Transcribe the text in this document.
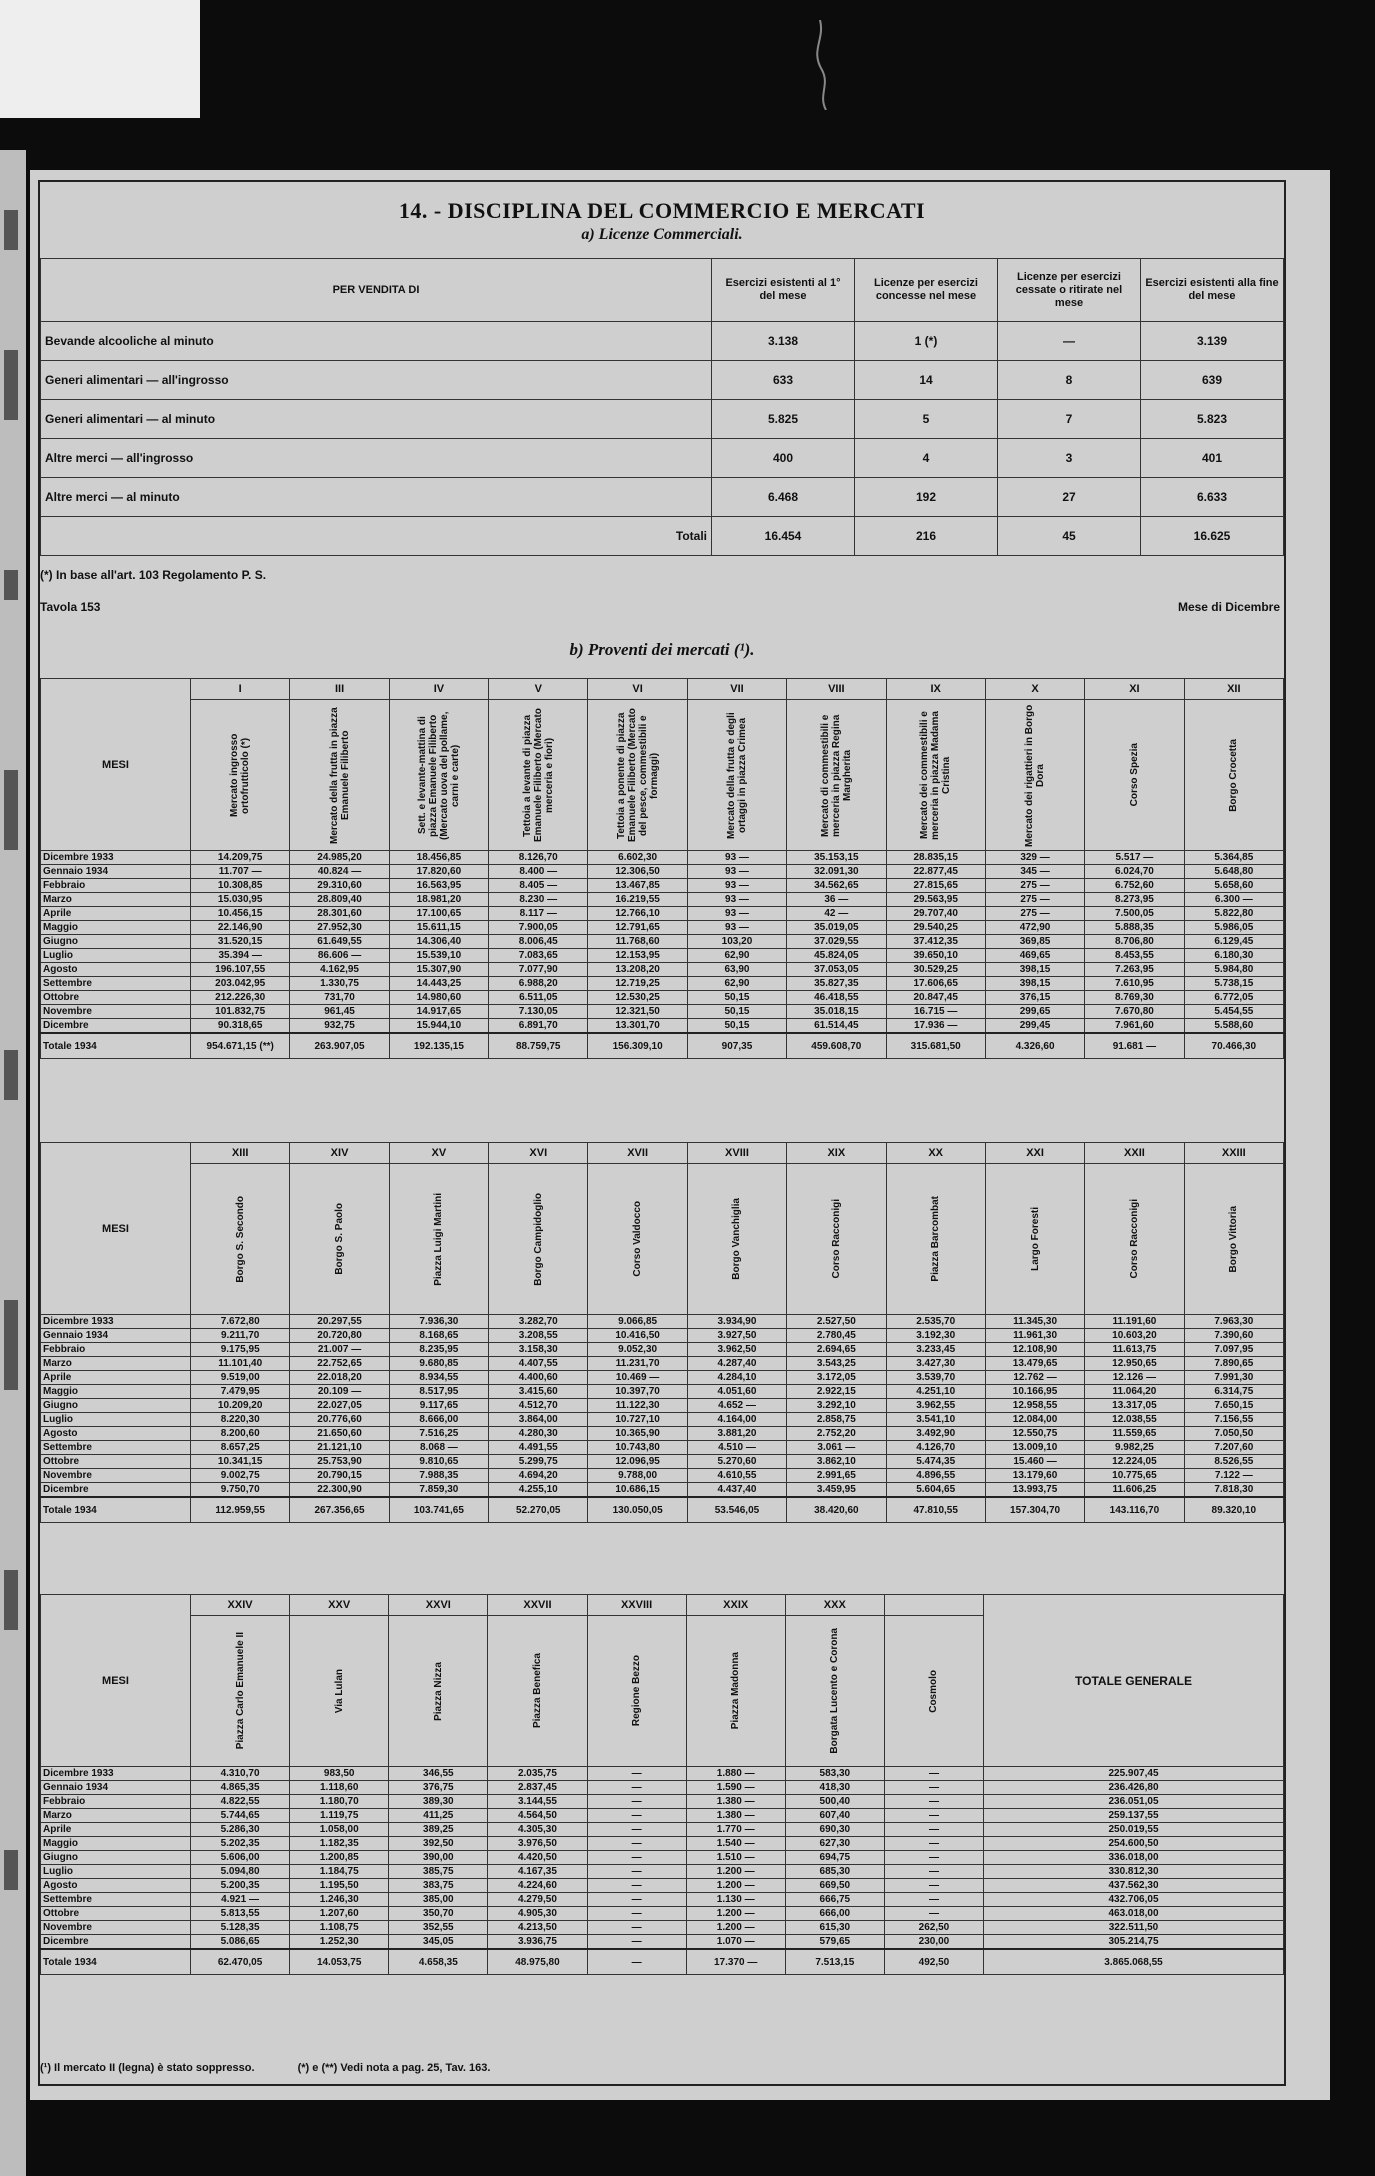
14. - DISCIPLINA DEL COMMERCIO E MERCATI
a) Licenze Commerciali.
PER VENDITA DI	Esercizi esistenti al 1° del mese	Licenze per esercizi concesse nel mese	Licenze per esercizi cessate o ritirate nel mese	Esercizi esistenti alla fine del mese
Bevande alcooliche al minuto	3.138	1 (*)	—	3.139
Generi alimentari — all'ingrosso	633	14	8	639
Generi alimentari — al minuto	5.825	5	7	5.823
Altre merci — all'ingrosso	400	4	3	401
Altre merci — al minuto	6.468	192	27	6.633
Totali	16.454	216	45	16.625
(*) In base all'art. 103 Regolamento P. S.
Tavola 153	Mese di Dicembre
b) Proventi dei mercati (¹).
MESI	I	III	IV	V	VI	VII	VIII	IX	X	XI	XII

	Mercato ingrosso ortofrutticolo (*)	Mercato della frutta in piazza Emanuele Filiberto	Sett. e levante-mattina di piazza Emanuele Filiberto (Mercato uova del pollame, carni e carte)	Tettoia a levante di piazza Emanuele Filiberto (Mercato merceria e fiori)	Tettoia a ponente di piazza Emanuele Filiberto (Mercato del pesce, commestibili e formaggi)	Mercato della frutta e degli ortaggi in piazza Crimea	Mercato di commestibili e merceria in piazza Regina Margherita	Mercato dei commestibili e merceria in piazza Madama Cristina	Mercato dei rigattieri in Borgo Dora	Corso Spezia	Borgo Crocetta

Dicembre 1933	14.209,75	24.985,20	18.456,85	8.126,70	6.602,30	93 —	35.153,15	28.835,15	329 —	5.517 —	5.364,85
Gennaio 1934	11.707 —	40.824 —	17.820,60	8.400 —	12.306,50	93 —	32.091,30	22.877,45	345 —	6.024,70	5.648,80
Febbraio	10.308,85	29.310,60	16.563,95	8.405 —	13.467,85	93 —	34.562,65	27.815,65	275 —	6.752,60	5.658,60
Marzo	15.030,95	28.809,40	18.981,20	8.230 —	16.219,55	93 —	36 —	29.563,95	275 —	8.273,95	6.300 —
Aprile	10.456,15	28.301,60	17.100,65	8.117 —	12.766,10	93 —	42 —	29.707,40	275 —	7.500,05	5.822,80
Maggio	22.146,90	27.952,30	15.611,15	7.900,05	12.791,65	93 —	35.019,05	29.540,25	472,90	5.888,35	5.986,05
Giugno	31.520,15	61.649,55	14.306,40	8.006,45	11.768,60	103,20	37.029,55	37.412,35	369,85	8.706,80	6.129,45
Luglio	35.394 —	86.606 —	15.539,10	7.083,65	12.153,95	62,90	45.824,05	39.650,10	469,65	8.453,55	6.180,30
Agosto	196.107,55	4.162,95	15.307,90	7.077,90	13.208,20	63,90	37.053,05	30.529,25	398,15	7.263,95	5.984,80
Settembre	203.042,95	1.330,75	14.443,25	6.988,20	12.719,25	62,90	35.827,35	17.606,65	398,15	7.610,95	5.738,15
Ottobre	212.226,30	731,70	14.980,60	6.511,05	12.530,25	50,15	46.418,55	20.847,45	376,15	8.769,30	6.772,05
Novembre	101.832,75	961,45	14.917,65	7.130,05	12.321,50	50,15	35.018,15	16.715 —	299,65	7.670,80	5.454,55
Dicembre	90.318,65	932,75	15.944,10	6.891,70	13.301,70	50,15	61.514,45	17.936 —	299,45	7.961,60	5.588,60
Totale 1934	954.671,15 (**)	263.907,05	192.135,15	88.759,75	156.309,10	907,35	459.608,70	315.681,50	4.326,60	91.681 —	70.466,30
MESI	XIII	XIV	XV	XVI	XVII	XVIII	XIX	XX	XXI	XXII	XXIII

	Borgo S. Secondo	Borgo S. Paolo	Piazza Luigi Martini	Borgo Campidoglio	Corso Valdocco	Borgo Vanchiglia	Corso Racconigi	Piazza Barcombat	Largo Foresti	Corso Racconigi	Borgo Vittoria

Dicembre 1933	7.672,80	20.297,55	7.936,30	3.282,70	9.066,85	3.934,90	2.527,50	2.535,70	11.345,30	11.191,60	7.963,30
Gennaio 1934	9.211,70	20.720,80	8.168,65	3.208,55	10.416,50	3.927,50	2.780,45	3.192,30	11.961,30	10.603,20	7.390,60
Febbraio	9.175,95	21.007 —	8.235,95	3.158,30	9.052,30	3.962,50	2.694,65	3.233,45	12.108,90	11.613,75	7.097,95
Marzo	11.101,40	22.752,65	9.680,85	4.407,55	11.231,70	4.287,40	3.543,25	3.427,30	13.479,65	12.950,65	7.890,65
Aprile	9.519,00	22.018,20	8.934,55	4.400,60	10.469 —	4.284,10	3.172,05	3.539,70	12.762 —	12.126 —	7.991,30
Maggio	7.479,95	20.109 —	8.517,95	3.415,60	10.397,70	4.051,60	2.922,15	4.251,10	10.166,95	11.064,20	6.314,75
Giugno	10.209,20	22.027,05	9.117,65	4.512,70	11.122,30	4.652 —	3.292,10	3.962,55	12.958,55	13.317,05	7.650,15
Luglio	8.220,30	20.776,60	8.666,00	3.864,00	10.727,10	4.164,00	2.858,75	3.541,10	12.084,00	12.038,55	7.156,55
Agosto	8.200,60	21.650,60	7.516,25	4.280,30	10.365,90	3.881,20	2.752,20	3.492,90	12.550,75	11.559,65	7.050,50
Settembre	8.657,25	21.121,10	8.068 —	4.491,55	10.743,80	4.510 —	3.061 —	4.126,70	13.009,10	9.982,25	7.207,60
Ottobre	10.341,15	25.753,90	9.810,65	5.299,75	12.096,95	5.270,60	3.862,10	5.474,35	15.460 —	12.224,05	8.526,55
Novembre	9.002,75	20.790,15	7.988,35	4.694,20	9.788,00	4.610,55	2.991,65	4.896,55	13.179,60	10.775,65	7.122 —
Dicembre	9.750,70	22.300,90	7.859,30	4.255,10	10.686,15	4.437,40	3.459,95	5.604,65	13.993,75	11.606,25	7.818,30
Totale 1934	112.959,55	267.356,65	103.741,65	52.270,05	130.050,05	53.546,05	38.420,60	47.810,55	157.304,70	143.116,70	89.320,10
MESI	XXIV	XXV	XXVI	XXVII	XXVIII	XXIX	XXX		TOTALE GENERALE

	Piazza Carlo Emanuele II	Via Lulan	Piazza Nizza	Piazza Benefica	Regione Bezzo	Piazza Madonna	Borgata Lucento e Corona	Cosmolo	

Dicembre 1933	4.310,70	983,50	346,55	2.035,75	—	1.880 —	583,30	—	225.907,45
Gennaio 1934	4.865,35	1.118,60	376,75	2.837,45	—	1.590 —	418,30	—	236.426,80
Febbraio	4.822,55	1.180,70	389,30	3.144,55	—	1.380 —	500,40	—	236.051,05
Marzo	5.744,65	1.119,75	411,25	4.564,50	—	1.380 —	607,40	—	259.137,55
Aprile	5.286,30	1.058,00	389,25	4.305,30	—	1.770 —	690,30	—	250.019,55
Maggio	5.202,35	1.182,35	392,50	3.976,50	—	1.540 —	627,30	—	254.600,50
Giugno	5.606,00	1.200,85	390,00	4.420,50	—	1.510 —	694,75	—	336.018,00
Luglio	5.094,80	1.184,75	385,75	4.167,35	—	1.200 —	685,30	—	330.812,30
Agosto	5.200,35	1.195,50	383,75	4.224,60	—	1.200 —	669,50	—	437.562,30
Settembre	4.921 —	1.246,30	385,00	4.279,50	—	1.130 —	666,75	—	432.706,05
Ottobre	5.813,55	1.207,60	350,70	4.905,30	—	1.200 —	666,00	—	463.018,00
Novembre	5.128,35	1.108,75	352,55	4.213,50	—	1.200 —	615,30	262,50	322.511,50
Dicembre	5.086,65	1.252,30	345,05	3.936,75	—	1.070 —	579,65	230,00	305.214,75
Totale 1934	62.470,05	14.053,75	4.658,35	48.975,80	—	17.370 —	7.513,15	492,50	3.865.068,55
(¹) Il mercato II (legna) è stato soppresso.	(*) e (**) Vedi nota a pag. 25, Tav. 163.
